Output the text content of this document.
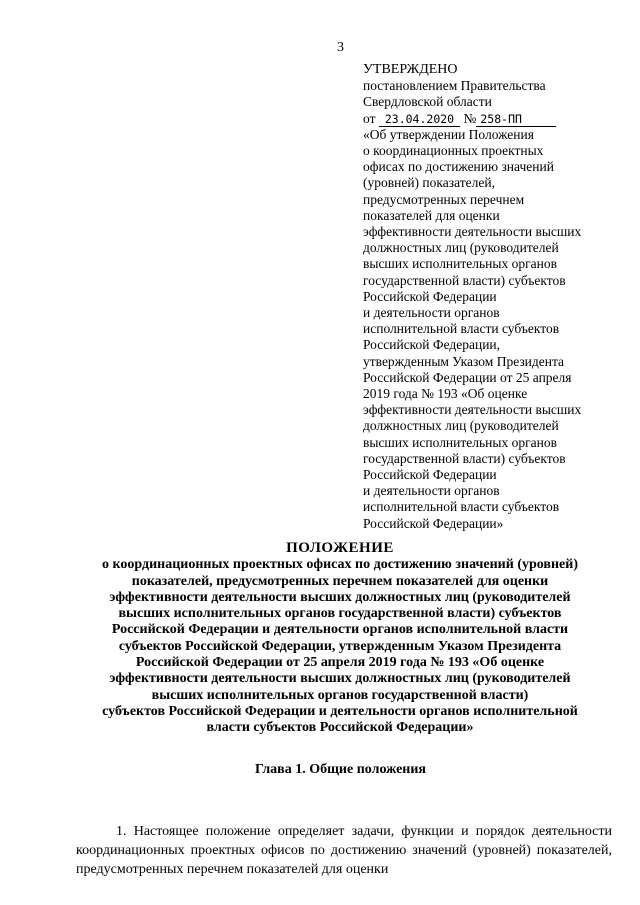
3
УТВЕРЖДЕНО
постановлением Правительства
Свердловской области
от 23.04.2020 № 258-ПП
«Об утверждении Положения
о координационных проектных
офисах по достижению значений
(уровней) показателей,
предусмотренных перечнем
показателей для оценки
эффективности деятельности высших
должностных лиц (руководителей
высших исполнительных органов
государственной власти) субъектов
Российской Федерации
и деятельности органов
исполнительной власти субъектов
Российской Федерации,
утвержденным Указом Президента
Российской Федерации от 25 апреля
2019 года № 193 «Об оценке
эффективности деятельности высших
должностных лиц (руководителей
высших исполнительных органов
государственной власти) субъектов
Российской Федерации
и деятельности органов
исполнительной власти субъектов
Российской Федерации»
ПОЛОЖЕНИЕ
о координационных проектных офисах по достижению значений (уровней)
показателей, предусмотренных перечнем показателей для оценки
эффективности деятельности высших должностных лиц (руководителей
высших исполнительных органов государственной власти) субъектов
Российской Федерации и деятельности органов исполнительной власти
субъектов Российской Федерации, утвержденным Указом Президента
Российской Федерации от 25 апреля 2019 года № 193 «Об оценке
эффективности деятельности высших должностных лиц (руководителей
высших исполнительных органов государственной власти)
субъектов Российской Федерации и деятельности органов исполнительной
власти субъектов Российской Федерации»
Глава 1. Общие положения
1. Настоящее положение определяет задачи, функции и порядок деятельности координационных проектных офисов по достижению значений (уровней) показателей, предусмотренных перечнем показателей для оценки
